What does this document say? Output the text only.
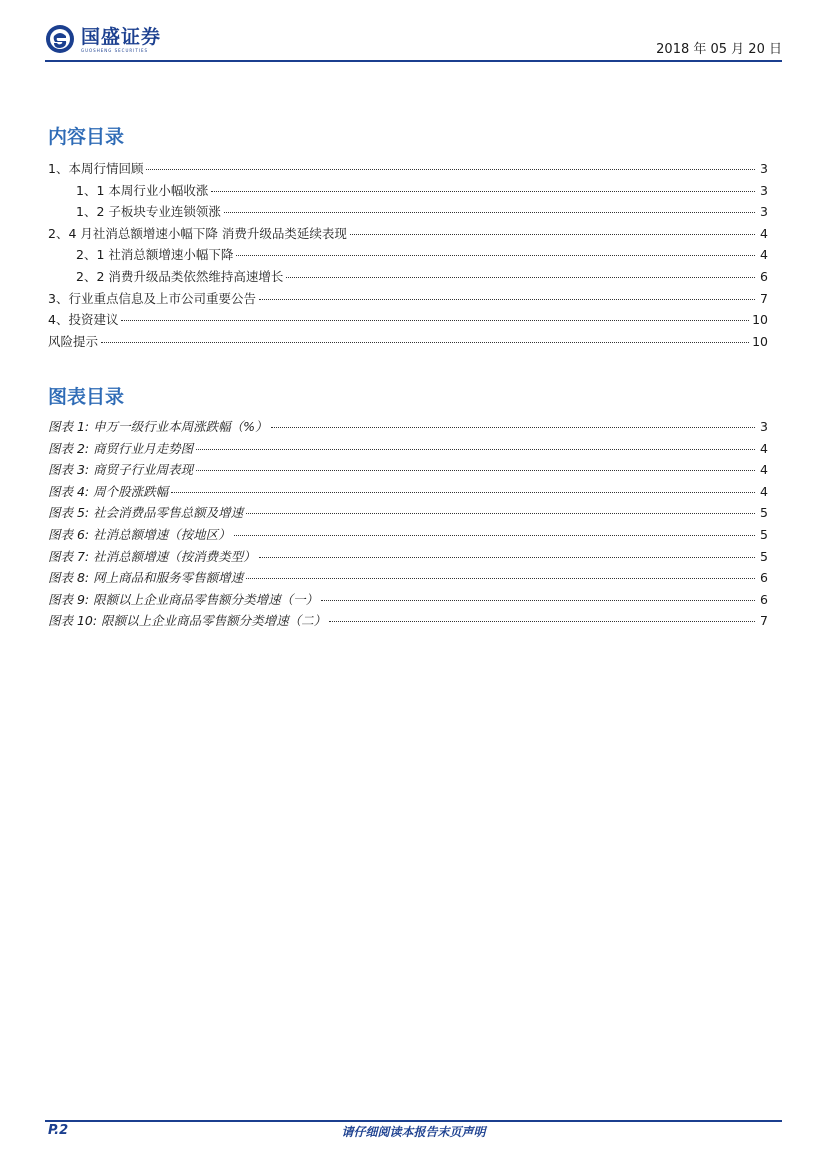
国盛证券
GUOSHENG SECURITIES	2018 年 05 月 20 日
内容目录
1、本周行情回顾	3
1、1 本周行业小幅收涨	3
1、2 子板块专业连锁领涨	3
2、4 月社消总额增速小幅下降 消费升级品类延续表现	4
2、1 社消总额增速小幅下降	4
2、2 消费升级品类依然维持高速增长	6
3、行业重点信息及上市公司重要公告	7
4、投资建议	10
风险提示	10
图表目录
图表 1: 申万一级行业本周涨跌幅（%）	3
图表 2: 商贸行业月走势图	4
图表 3: 商贸子行业周表现	4
图表 4: 周个股涨跌幅	4
图表 5: 社会消费品零售总额及增速	5
图表 6: 社消总额增速（按地区）	5
图表 7: 社消总额增速（按消费类型）	5
图表 8: 网上商品和服务零售额增速	6
图表 9: 限额以上企业商品零售额分类增速（一）	6
图表 10: 限额以上企业商品零售额分类增速（二）	7
P.2	请仔细阅读本报告末页声明
